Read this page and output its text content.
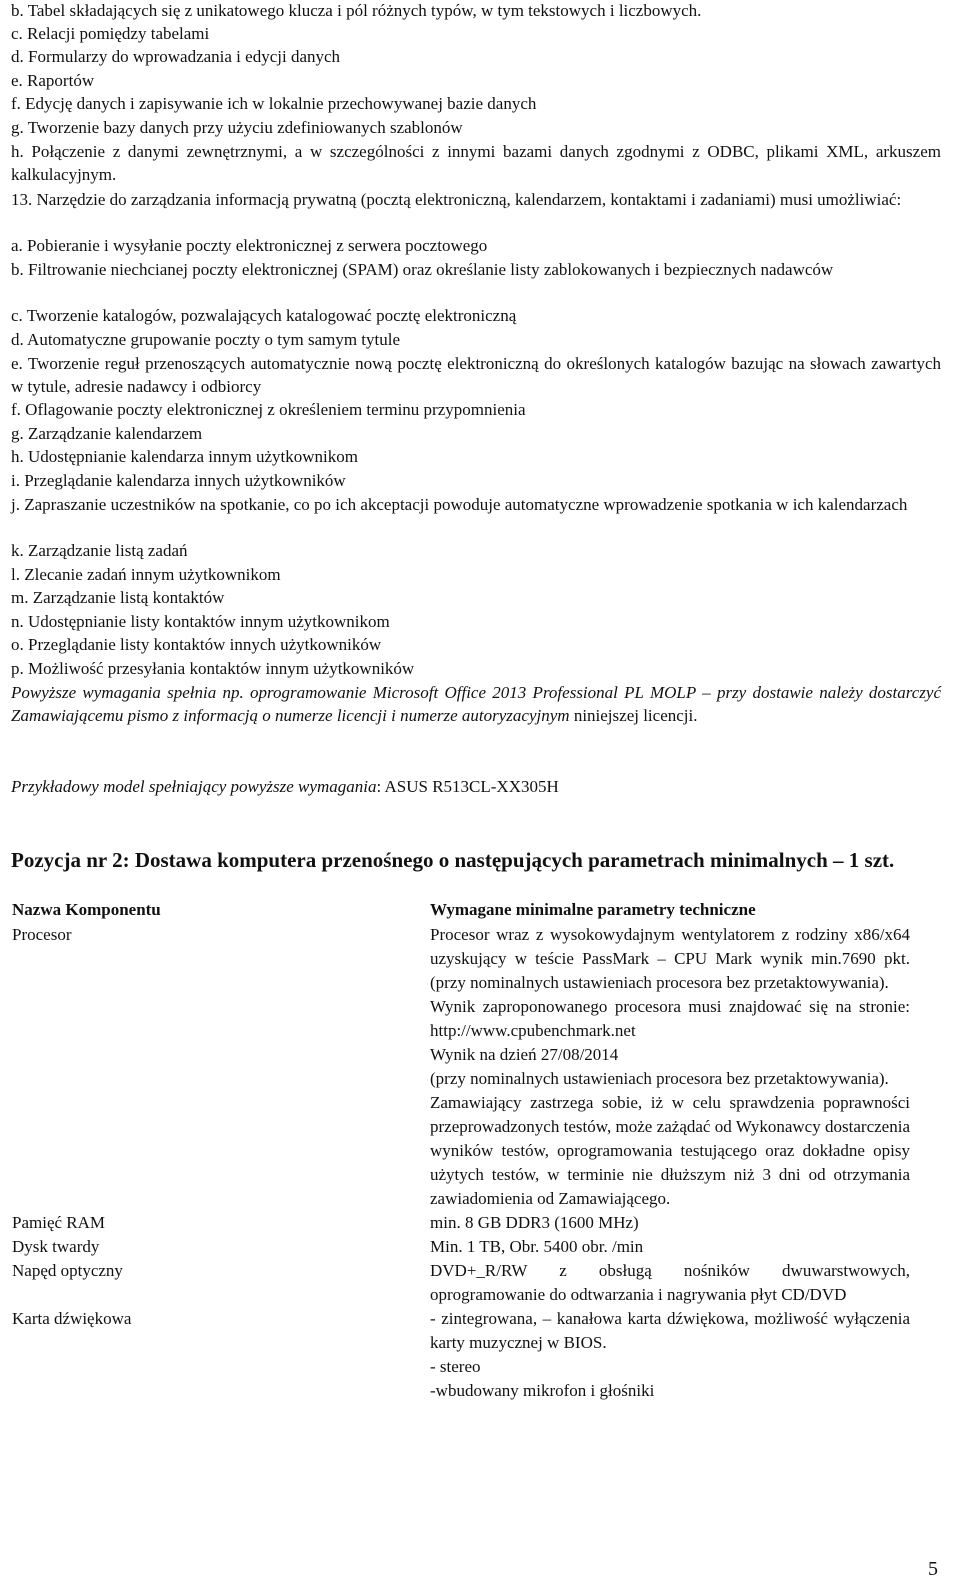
b. Tabel składających się z unikatowego klucza i pól różnych typów, w tym tekstowych i liczbowych.
c. Relacji pomiędzy tabelami
d. Formularzy do wprowadzania i edycji danych
e. Raportów
f. Edycję danych i zapisywanie ich w lokalnie przechowywanej bazie danych
g. Tworzenie bazy danych przy użyciu zdefiniowanych szablonów
h. Połączenie z danymi zewnętrznymi, a w szczególności z innymi bazami danych zgodnymi z ODBC, plikami XML, arkuszem kalkulacyjnym.
13. Narzędzie do zarządzania informacją prywatną (pocztą elektroniczną, kalendarzem, kontaktami i zadaniami) musi umożliwiać:
a. Pobieranie i wysyłanie poczty elektronicznej z serwera pocztowego
b. Filtrowanie niechcianej poczty elektronicznej (SPAM) oraz określanie listy zablokowanych i bezpiecznych nadawców
c. Tworzenie katalogów, pozwalających katalogować pocztę elektroniczną
d. Automatyczne grupowanie poczty o tym samym tytule
e. Tworzenie reguł przenoszących automatycznie nową pocztę elektroniczną do określonych katalogów bazując na słowach zawartych w tytule, adresie nadawcy i odbiorcy
f. Oflagowanie poczty elektronicznej z określeniem terminu przypomnienia
g. Zarządzanie kalendarzem
h. Udostępnianie kalendarza innym użytkownikom
i. Przeglądanie kalendarza innych użytkowników
j. Zapraszanie uczestników na spotkanie, co po ich akceptacji powoduje automatyczne wprowadzenie spotkania w ich kalendarzach
k. Zarządzanie listą zadań
l. Zlecanie zadań innym użytkownikom
m. Zarządzanie listą kontaktów
n. Udostępnianie listy kontaktów innym użytkownikom
o. Przeglądanie listy kontaktów innych użytkowników
p. Możliwość przesyłania kontaktów innym użytkowników
Powyższe wymagania spełnia np. oprogramowanie Microsoft Office 2013 Professional PL MOLP – przy dostawie należy dostarczyć Zamawiającemu pismo z informacją o numerze licencji i numerze autoryzacyjnym niniejszej licencji.
Przykładowy model spełniający powyższe wymagania: ASUS R513CL-XX305H
Pozycja nr 2: Dostawa komputera przenośnego o następujących parametrach minimalnych – 1 szt.
Nazwa Komponentu	Wymagane minimalne parametry techniczne
Procesor	Procesor wraz z wysokowydajnym wentylatorem z rodziny x86/x64 uzyskujący w teście PassMark – CPU Mark wynik min.7690 pkt. (przy nominalnych ustawieniach procesora bez przetaktowywania).
Wynik zaproponowanego procesora musi znajdować się na stronie: http://www.cpubenchmark.net
Wynik na dzień 27/08/2014
(przy nominalnych ustawieniach procesora bez przetaktowywania).
Zamawiający zastrzega sobie, iż w celu sprawdzenia poprawności przeprowadzonych testów, może zażądać od Wykonawcy dostarczenia wyników testów, oprogramowania testującego oraz dokładne opisy użytych testów, w terminie nie dłuższym niż 3 dni od otrzymania zawiadomienia od Zamawiającego.
Pamięć RAM	min. 8 GB DDR3 (1600 MHz)
Dysk twardy	Min. 1 TB, Obr. 5400 obr. /min
Napęd optyczny	DVD+_R/RW z obsługą nośników dwuwarstwowych, oprogramowanie do odtwarzania i nagrywania płyt CD/DVD
Karta dźwiękowa	- zintegrowana, – kanałowa karta dźwiękowa, możliwość wyłączenia karty muzycznej w BIOS.
- stereo
-wbudowany mikrofon i głośniki
5
